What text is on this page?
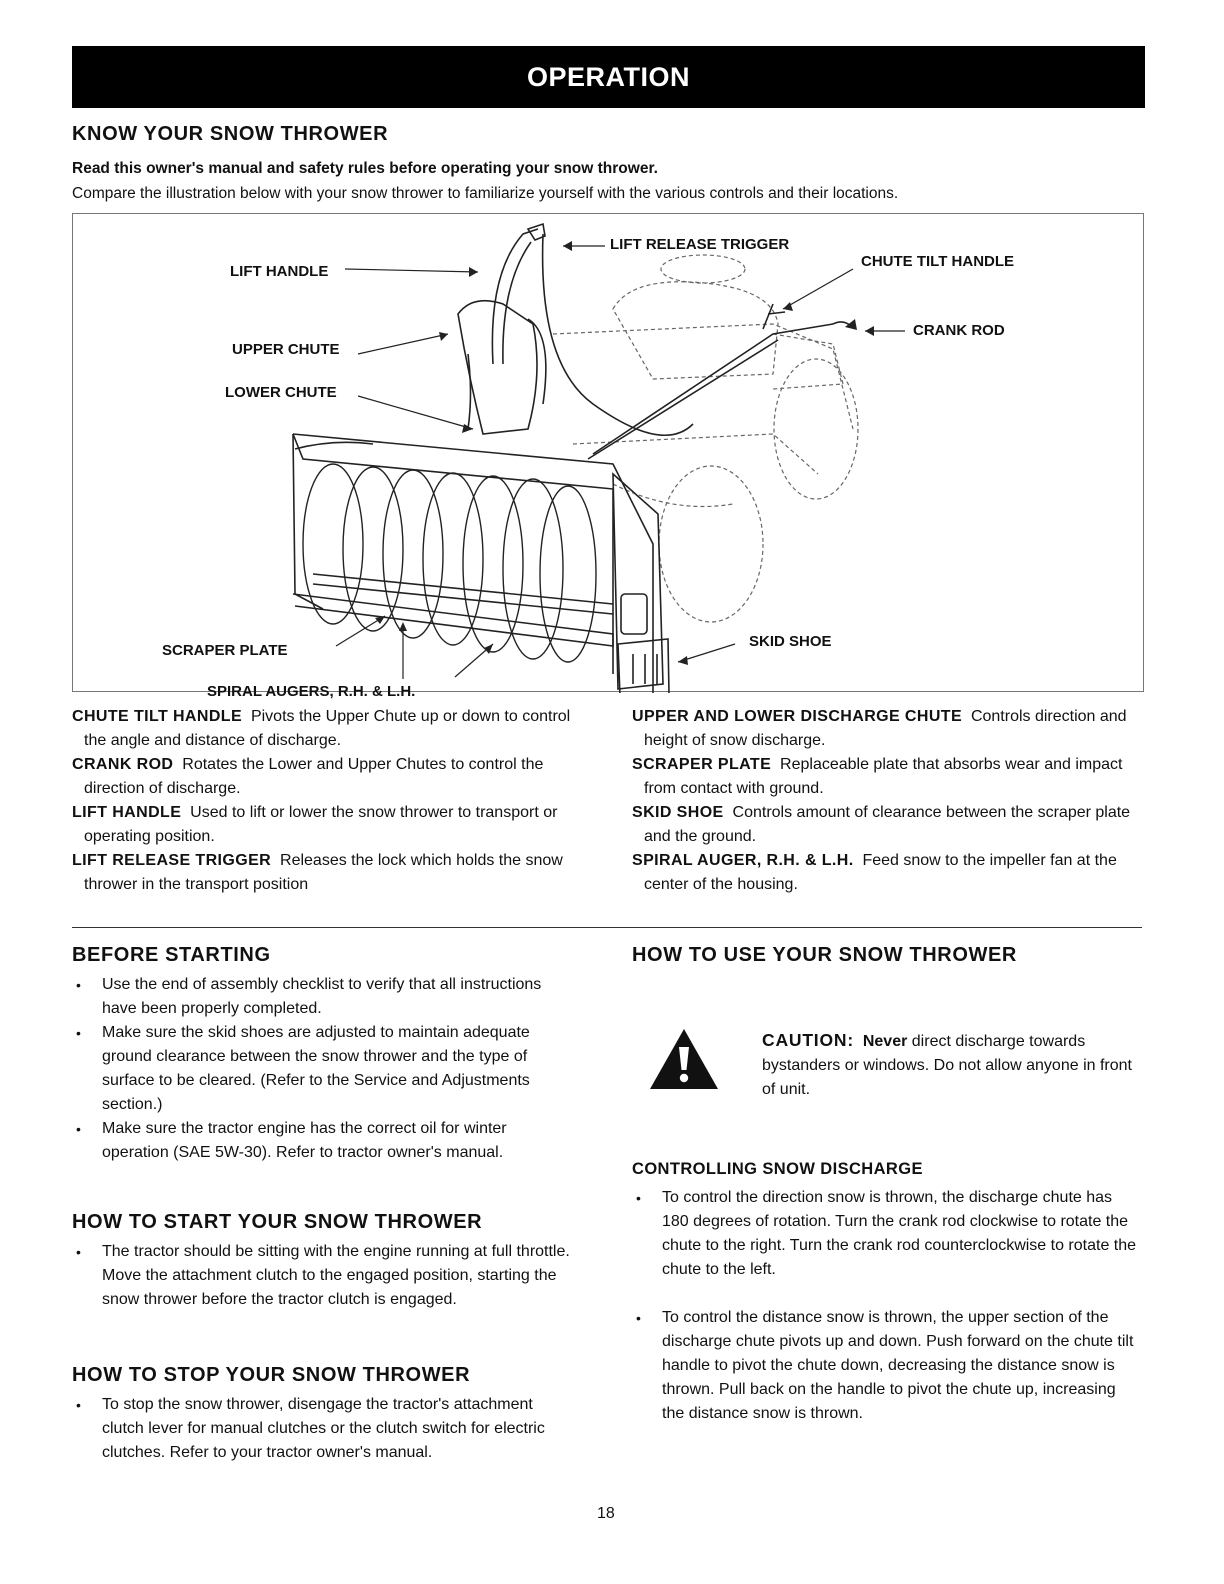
OPERATION
KNOW YOUR SNOW THROWER
Read this owner's manual and safety rules before operating your snow thrower.
Compare the illustration below with your snow thrower to familiarize yourself with the various controls and their locations.
LIFT RELEASE TRIGGER
LIFT HANDLE
CHUTE TILT HANDLE
CRANK ROD
UPPER CHUTE
LOWER CHUTE
SCRAPER PLATE
SKID SHOE
SPIRAL AUGERS, R.H. & L.H.

CHUTE TILT HANDLE Pivots the Upper Chute up or down to control the angle and distance of discharge.

CRANK ROD Rotates the Lower and Upper Chutes to control the direction of discharge.

LIFT HANDLE Used to lift or lower the snow thrower to transport or operating position.

LIFT RELEASE TRIGGER Releases the lock which holds the snow thrower in the transport position

UPPER AND LOWER DISCHARGE CHUTE Controls direction and height of snow discharge.

SCRAPER PLATE Replaceable plate that absorbs wear and impact from contact with ground.

SKID SHOE Controls amount of clearance between the scraper plate and the ground.

SPIRAL AUGER, R.H. & L.H. Feed snow to the impeller fan at the center of the housing.

BEFORE STARTING
• Use the end of assembly checklist to verify that all instructions have been properly completed.
• Make sure the skid shoes are adjusted to maintain adequate ground clearance between the snow thrower and the type of surface to be cleared. (Refer to the Service and Adjustments section.)
• Make sure the tractor engine has the correct oil for winter operation (SAE 5W-30). Refer to tractor owner's manual.
HOW TO START YOUR SNOW THROWER
• The tractor should be sitting with the engine running at full throttle. Move the attachment clutch to the engaged position, starting the snow thrower before the tractor clutch is engaged.
HOW TO STOP YOUR SNOW THROWER
• To stop the snow thrower, disengage the tractor's attachment clutch lever for manual clutches or the clutch switch for electric clutches. Refer to your tractor owner's manual.
HOW TO USE YOUR SNOW THROWER
CAUTION: Never direct discharge towards bystanders or windows. Do not allow anyone in front of unit.
CONTROLLING SNOW DISCHARGE
• To control the direction snow is thrown, the discharge chute has 180 degrees of rotation. Turn the crank rod clockwise to rotate the chute to the right. Turn the crank rod counterclockwise to rotate the chute to the left.
• To control the distance snow is thrown, the upper section of the discharge chute pivots up and down. Push forward on the chute tilt handle to pivot the chute down, decreasing the distance snow is thrown. Pull back on the handle to pivot the chute up, increasing the distance snow is thrown.
18
